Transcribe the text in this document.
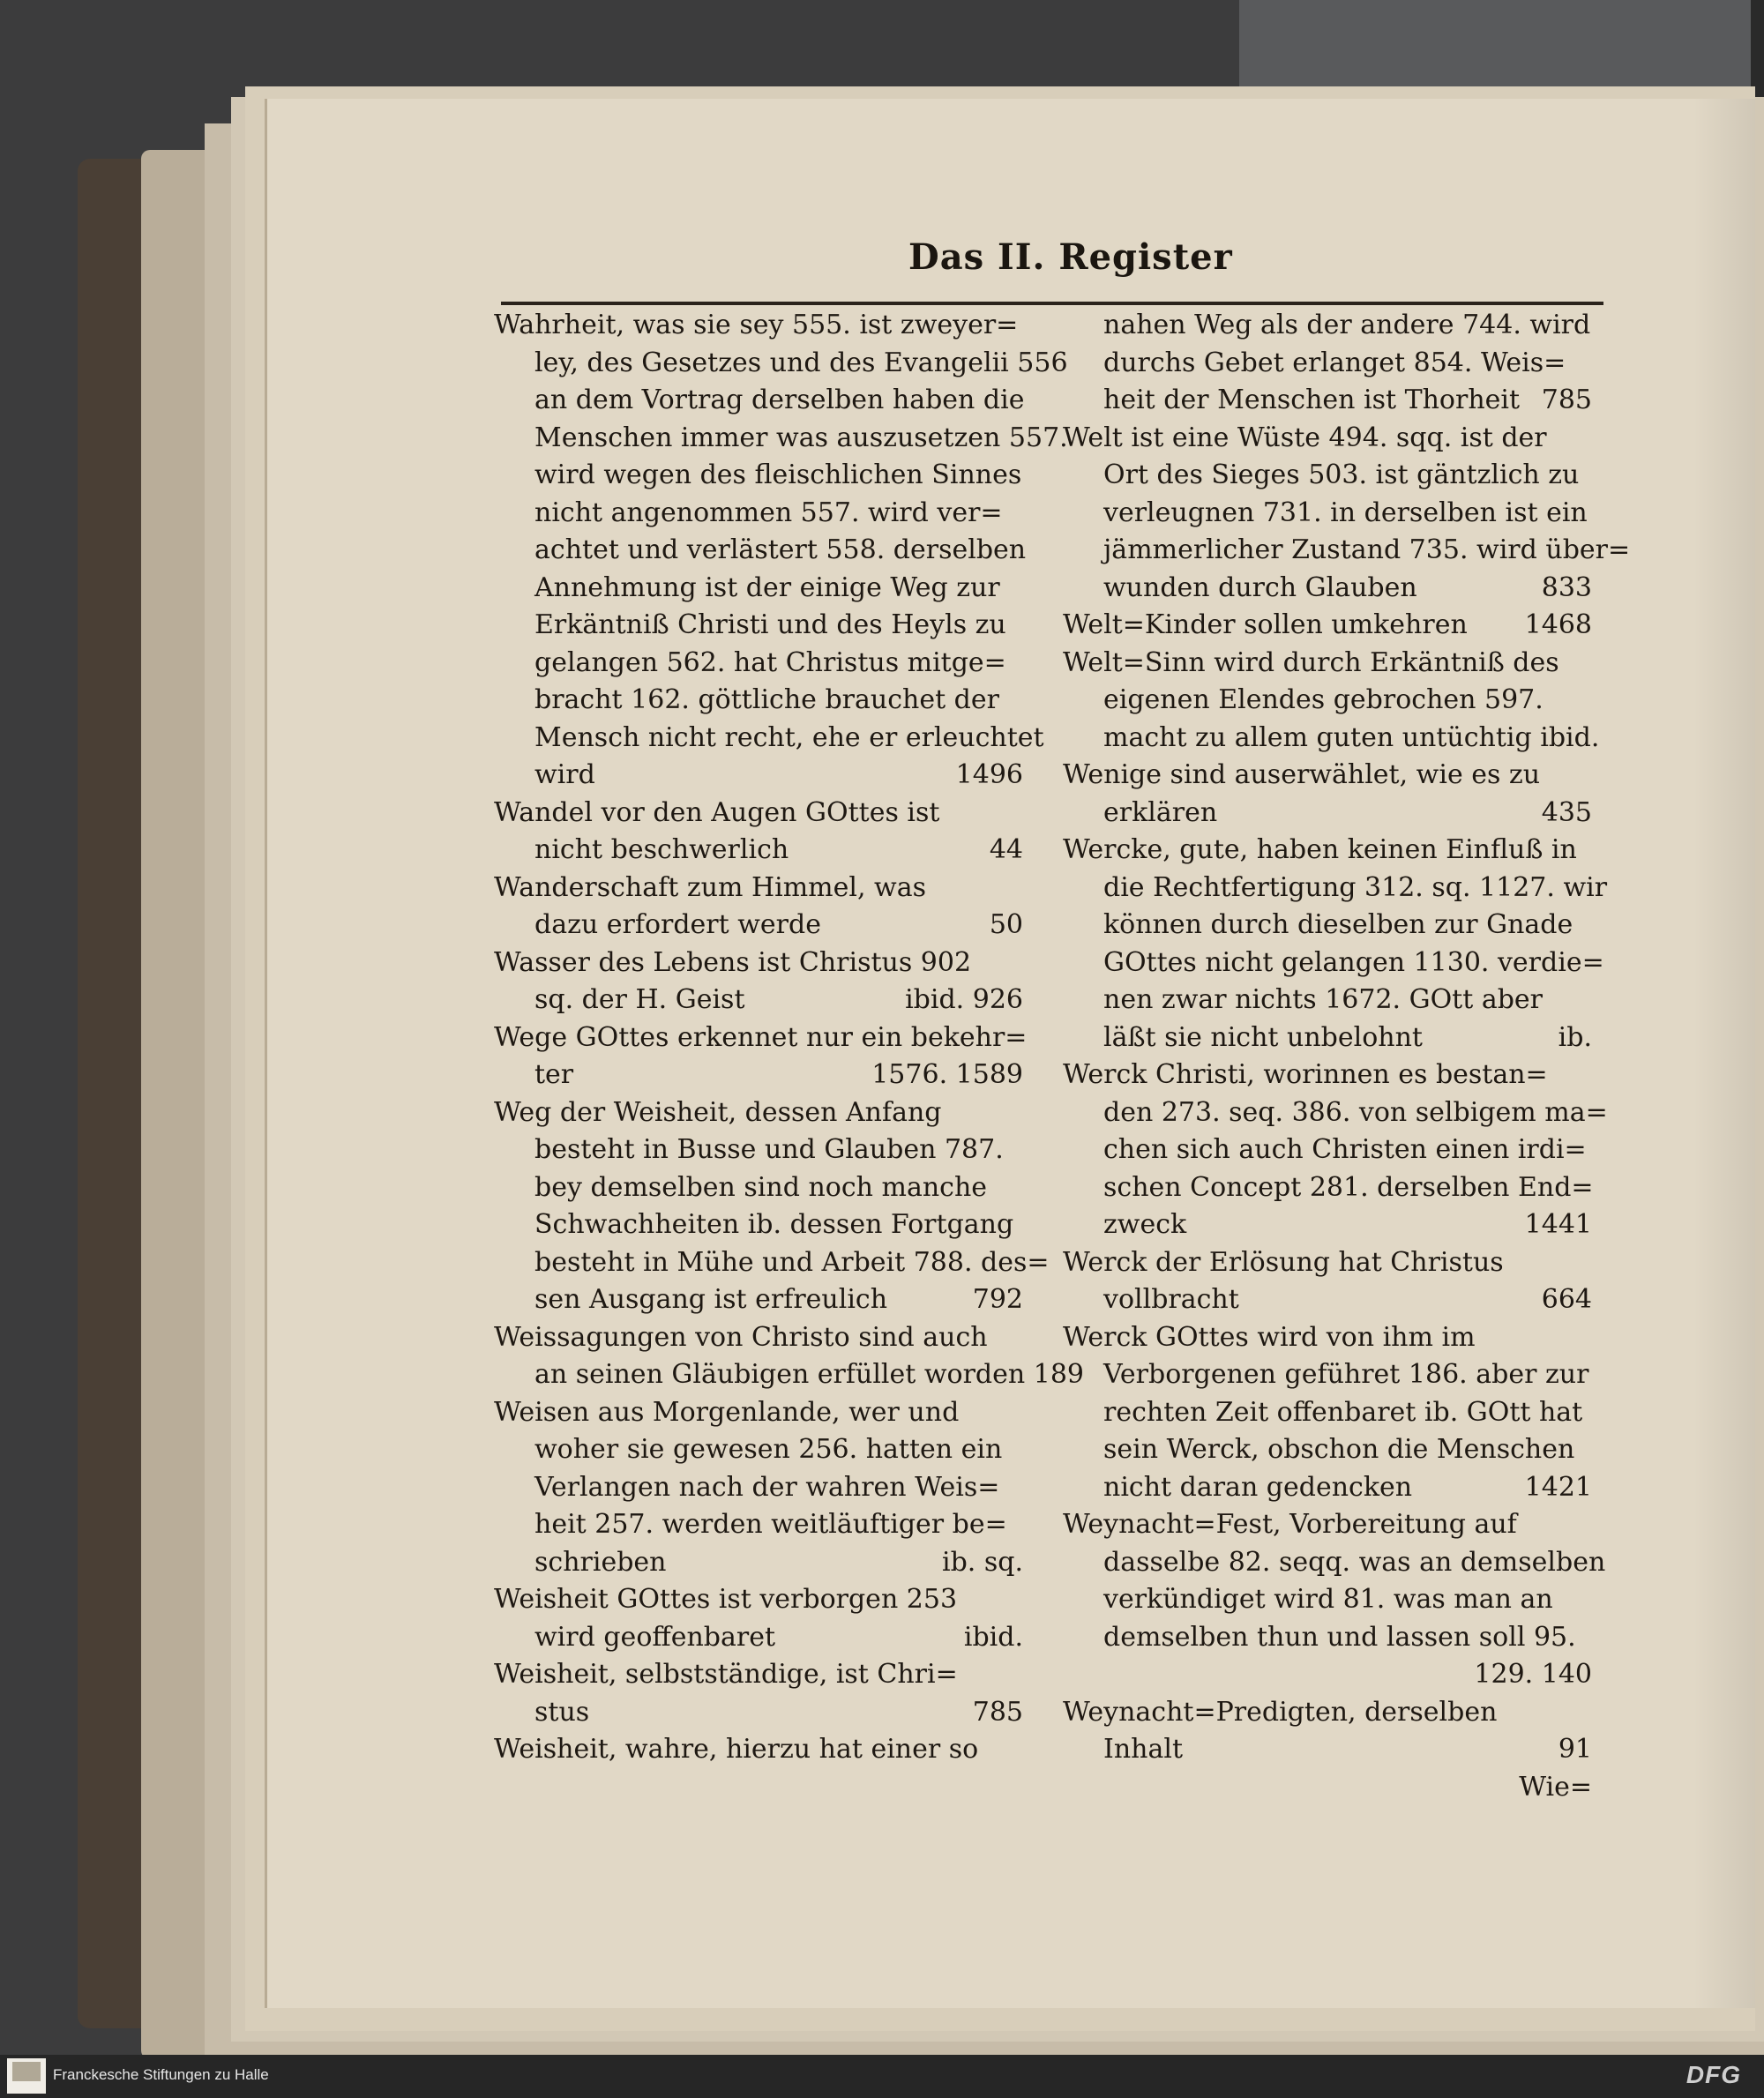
Das II. Register
Wahrheit, was sie sey 555. ist zweyer=
ley, des Gesetzes und des Evangelii 556
an dem Vortrag derselben haben die
Menschen immer was auszusetzen 557.
wird wegen des fleischlichen Sinnes
nicht angenommen 557. wird ver=
achtet und verlästert 558. derselben
Annehmung ist der einige Weg zur
Erkäntniß Christi und des Heyls zu
gelangen 562. hat Christus mitge=
bracht 162. göttliche brauchet der
Mensch nicht recht, ehe er erleuchtet
wird	1496
Wandel vor den Augen GOttes ist
nicht beschwerlich	44
Wanderschaft zum Himmel, was
dazu erfordert werde	50
Wasser des Lebens ist Christus 902
sq. der H. Geist	ibid. 926
Wege GOttes erkennet nur ein bekehr=
ter	1576. 1589
Weg der Weisheit, dessen Anfang
besteht in Busse und Glauben 787.
bey demselben sind noch manche
Schwachheiten ib. dessen Fortgang
besteht in Mühe und Arbeit 788. des=
sen Ausgang ist erfreulich	792
Weissagungen von Christo sind auch
an seinen Gläubigen erfüllet worden 189
Weisen aus Morgenlande, wer und
woher sie gewesen 256. hatten ein
Verlangen nach der wahren Weis=
heit 257. werden weitläuftiger be=
schrieben	ib. sq.
Weisheit GOttes ist verborgen 253
wird geoffenbaret	ibid.
Weisheit, selbstständige, ist Chri=
stus	785
Weisheit, wahre, hierzu hat einer so
nahen Weg als der andere 744. wird
durchs Gebet erlanget 854. Weis=
heit der Menschen ist Thorheit 785
Welt ist eine Wüste 494. sqq. ist der
Ort des Sieges 503. ist gäntzlich zu
verleugnen 731. in derselben ist ein
jämmerlicher Zustand 735. wird über=
wunden durch Glauben	833
Welt=Kinder sollen umkehren 1468
Welt=Sinn wird durch Erkäntniß des
eigenen Elendes gebrochen 597.
macht zu allem guten untüchtig ibid.
Wenige sind auserwählet, wie es zu
erklären	435
Wercke, gute, haben keinen Einfluß in
die Rechtfertigung 312. sq. 1127. wir
können durch dieselben zur Gnade
GOttes nicht gelangen 1130. verdie=
nen zwar nichts 1672. GOtt aber
läßt sie nicht unbelohnt	ib.
Werck Christi, worinnen es bestan=
den 273. seq. 386. von selbigem ma=
chen sich auch Christen einen irdi=
schen Concept 281. derselben End=
zweck	1441
Werck der Erlösung hat Christus
vollbracht	664
Werck GOttes wird von ihm im
Verborgenen geführet 186. aber zur
rechten Zeit offenbaret ib. GOtt hat
sein Werck, obschon die Menschen
nicht daran gedencken	1421
Weynacht=Fest, Vorbereitung auf
dasselbe 82. seqq. was an demselben
verkündiget wird 81. was man an
demselben thun und lassen soll 95.
129. 140
Weynacht=Predigten, derselben
Inhalt	91
Wie=
Franckesche Stiftungen zu Halle	DFG
